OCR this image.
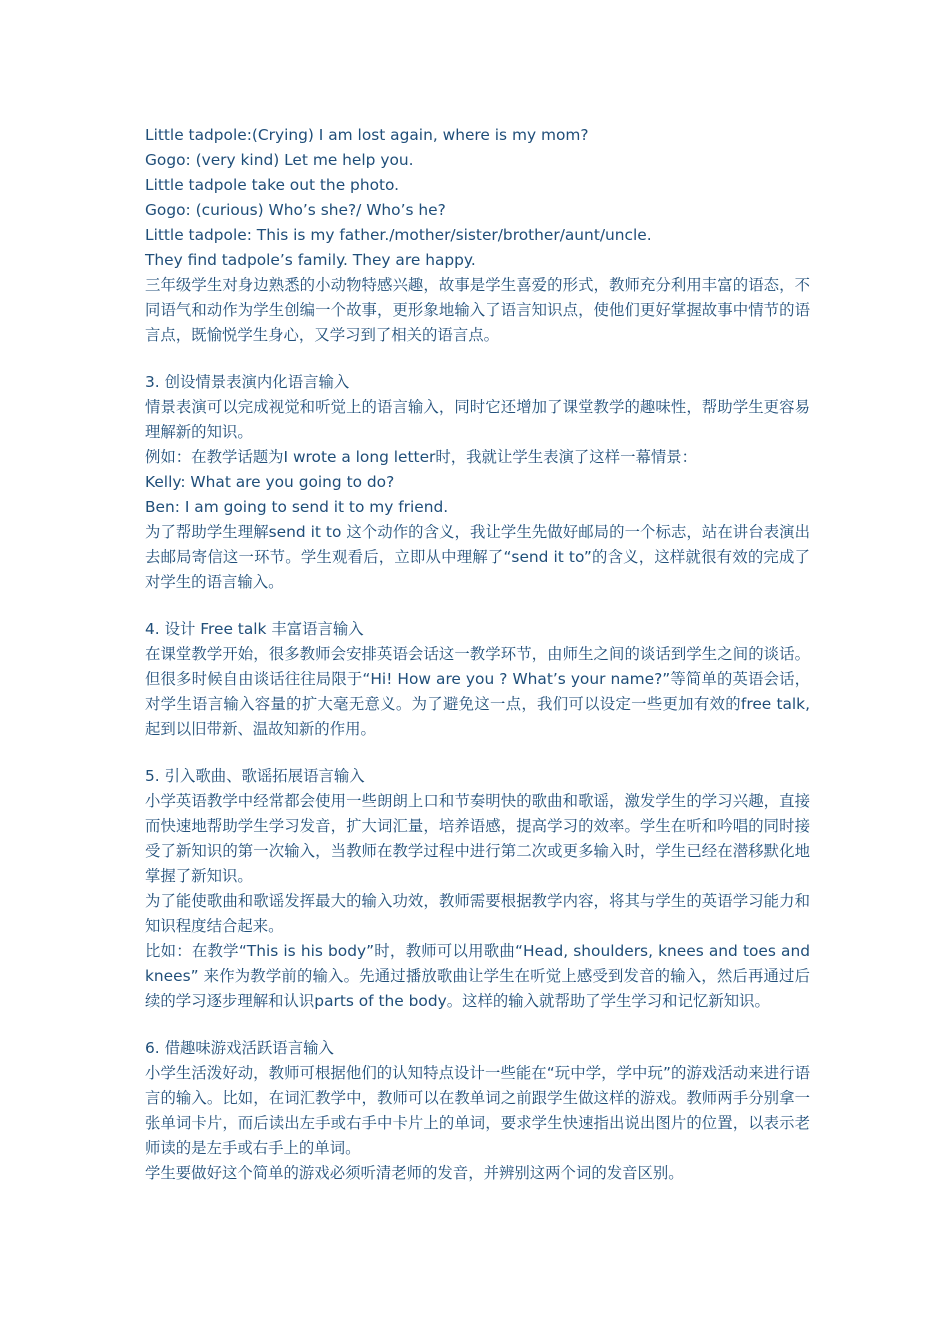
Little tadpole:(Crying) I am lost again, where is my mom?
Gogo: (very kind) Let me help you.
Little tadpole take out the photo.
Gogo: (curious) Who’s she?/ Who’s he?
Little tadpole: This is my father./mother/sister/brother/aunt/uncle.
They find tadpole’s family. They are happy.
三年级学生对身边熟悉的小动物特感兴趣，故事是学生喜爱的形式，教师充分利用丰富的语态，不同语气和动作为学生创编一个故事，更形象地输入了语言知识点，使他们更好掌握故事中情节的语言点，既愉悦学生身心，又学习到了相关的语言点。
3. 创设情景表演内化语言输入
情景表演可以完成视觉和听觉上的语言输入，同时它还增加了课堂教学的趣味性，帮助学生更容易理解新的知识。
例如：在教学话题为I wrote a long letter时，我就让学生表演了这样一幕情景：
Kelly: What are you going to do?
Ben: I am going to send it to my friend.
为了帮助学生理解send it to 这个动作的含义，我让学生先做好邮局的一个标志，站在讲台表演出去邮局寄信这一环节。学生观看后，立即从中理解了“send it to”的含义，这样就很有效的完成了对学生的语言输入。
4. 设计 Free talk 丰富语言输入
在课堂教学开始，很多教师会安排英语会话这一教学环节，由师生之间的谈话到学生之间的谈话。但很多时候自由谈话往往局限于“Hi! How are you ? What’s your name?”等简单的英语会话，对学生语言输入容量的扩大毫无意义。为了避免这一点，我们可以设定一些更加有效的free talk, 起到以旧带新、温故知新的作用。
5. 引入歌曲、歌谣拓展语言输入
小学英语教学中经常都会使用一些朗朗上口和节奏明快的歌曲和歌谣，激发学生的学习兴趣，直接而快速地帮助学生学习发音，扩大词汇量，培养语感，提高学习的效率。学生在听和吟唱的同时接受了新知识的第一次输入，当教师在教学过程中进行第二次或更多输入时，学生已经在潜移默化地掌握了新知识。
为了能使歌曲和歌谣发挥最大的输入功效，教师需要根据教学内容，将其与学生的英语学习能力和知识程度结合起来。
比如：在教学“This is his body”时，教师可以用歌曲“Head, shoulders, knees and toes and knees” 来作为教学前的输入。先通过播放歌曲让学生在听觉上感受到发音的输入，然后再通过后续的学习逐步理解和认识parts of the body。这样的输入就帮助了学生学习和记忆新知识。
6. 借趣味游戏活跃语言输入
小学生活泼好动，教师可根据他们的认知特点设计一些能在“玩中学，学中玩”的游戏活动来进行语言的输入。比如，在词汇教学中，教师可以在教单词之前跟学生做这样的游戏。教师两手分别拿一张单词卡片，而后读出左手或右手中卡片上的单词，要求学生快速指出说出图片的位置，以表示老师读的是左手或右手上的单词。
学生要做好这个简单的游戏必须听清老师的发音，并辨别这两个词的发音区别。
